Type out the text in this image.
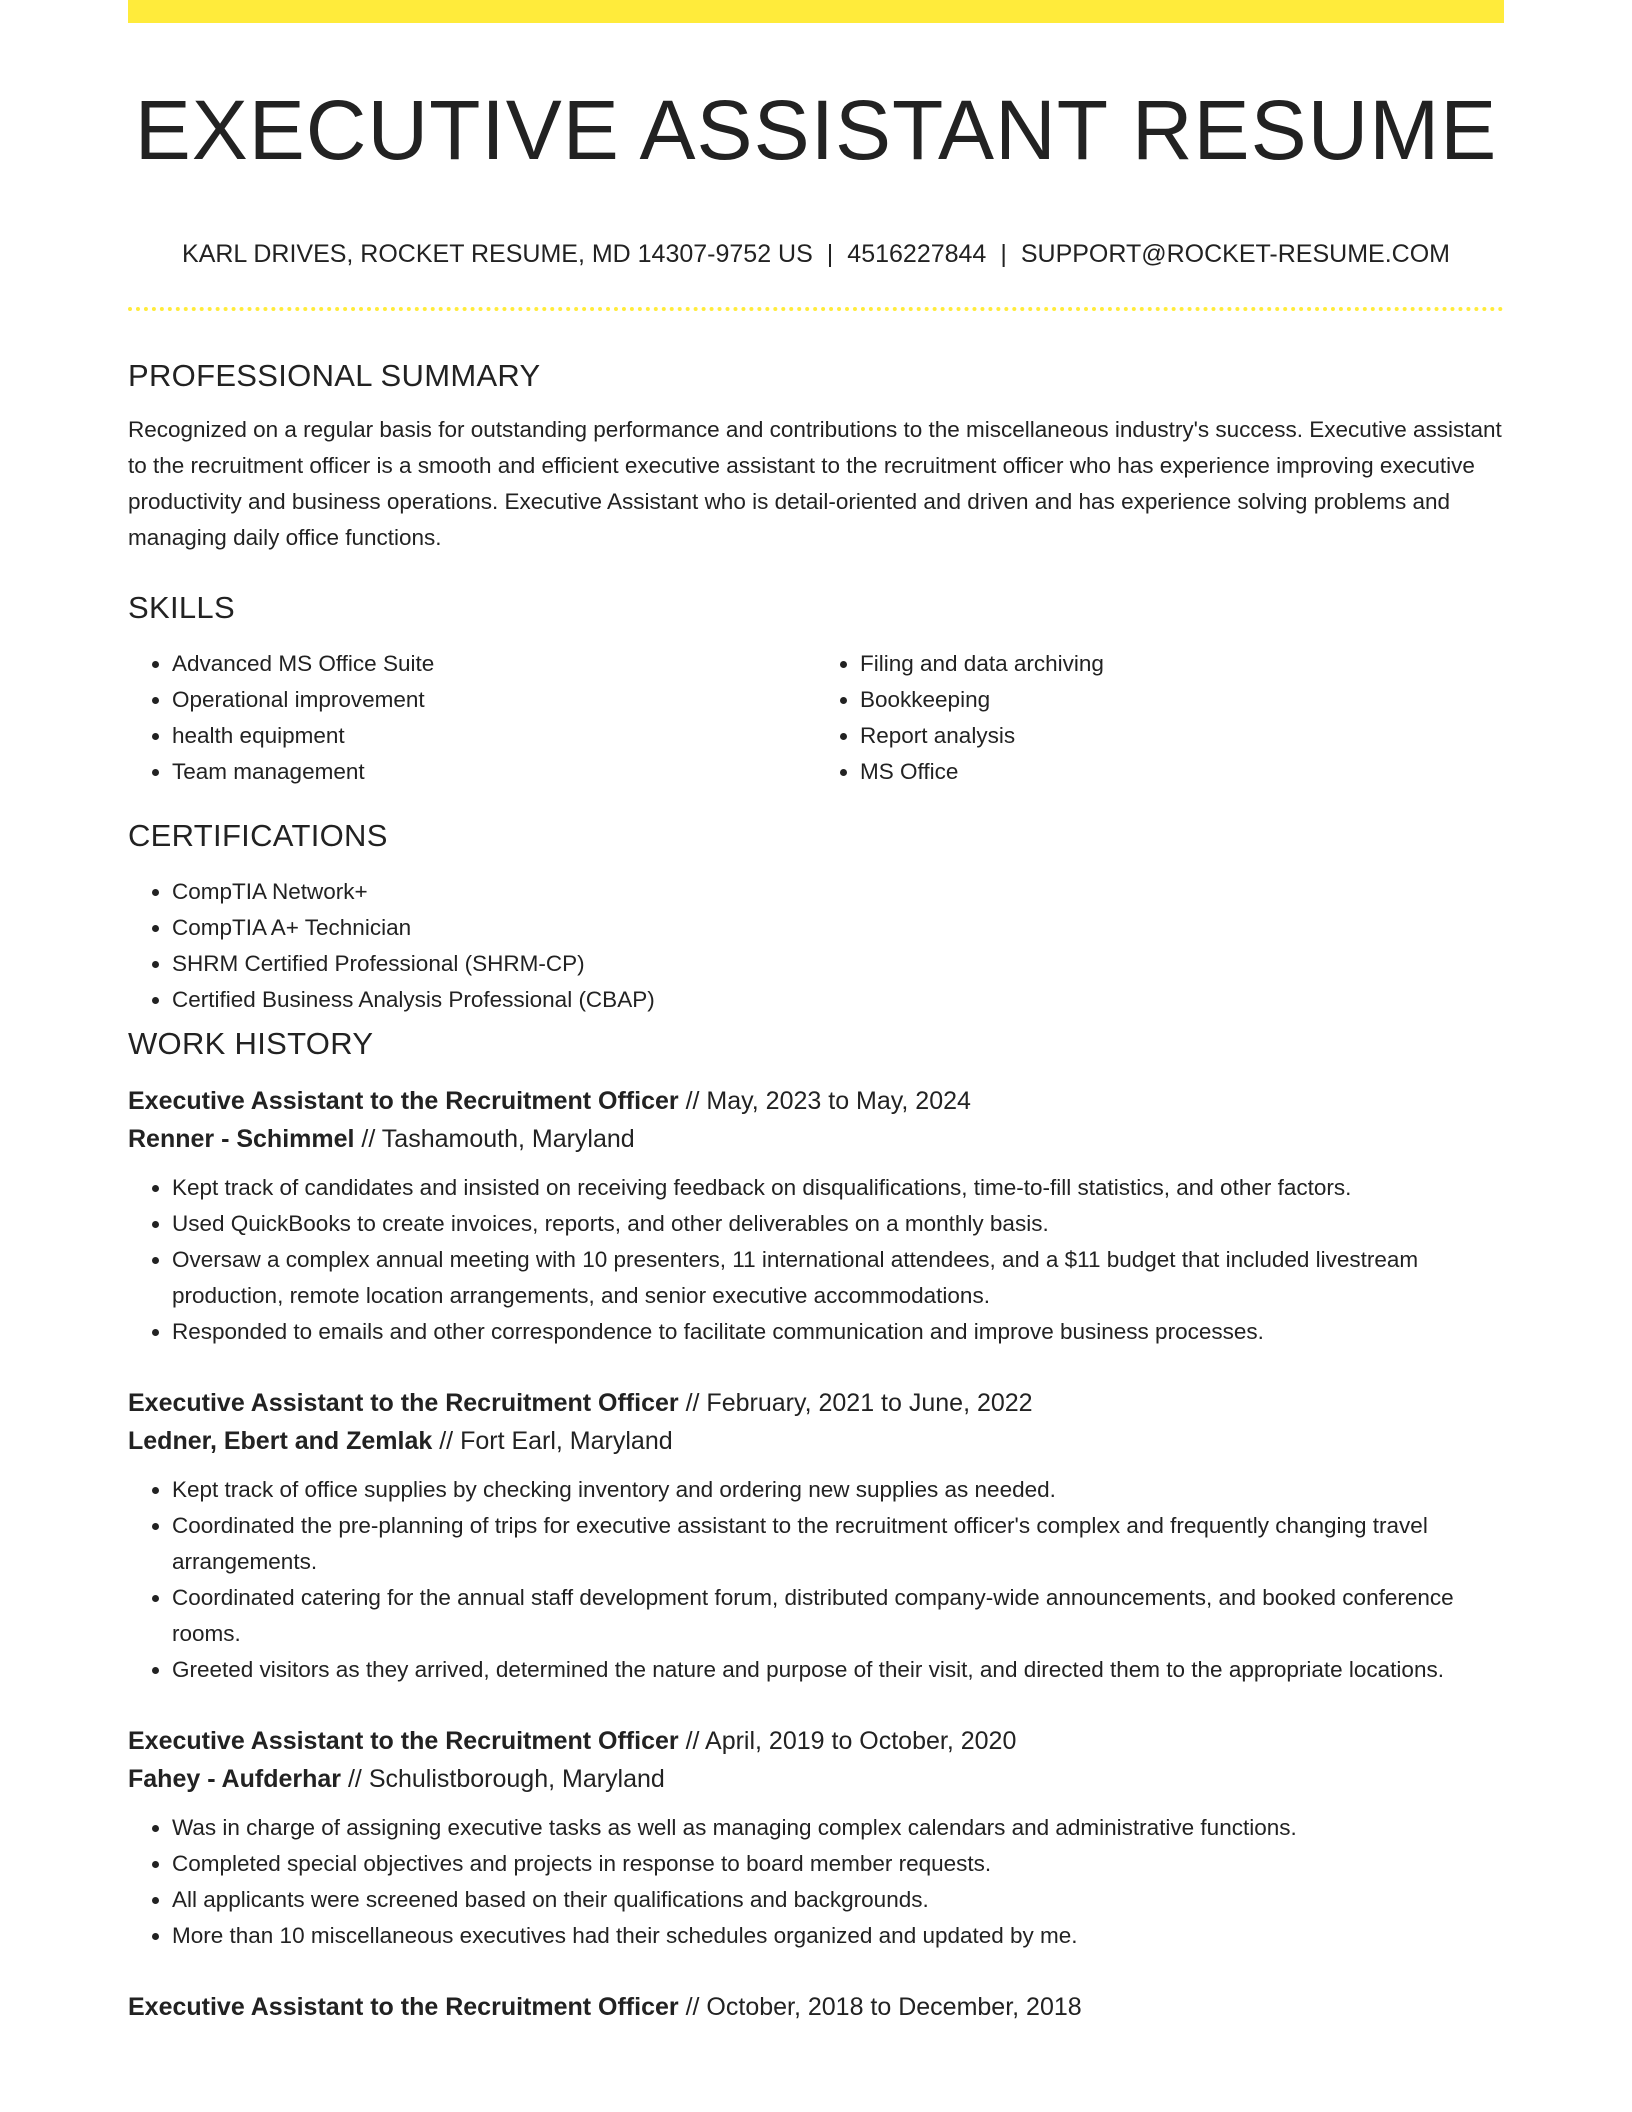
EXECUTIVE ASSISTANT RESUME
KARL DRIVES, ROCKET RESUME, MD 14307-9752 US | 4516227844 | SUPPORT@ROCKET-RESUME.COM
PROFESSIONAL SUMMARY

Recognized on a regular basis for outstanding performance and contributions to the miscellaneous industry's success. Executive assistant to the recruitment officer is a smooth and efficient executive assistant to the recruitment officer who has experience improving executive productivity and business operations. Executive Assistant who is detail-oriented and driven and has experience solving problems and managing daily office functions.

SKILLS
• Advanced MS Office Suite
• Operational improvement
• health equipment
• Team management
• Filing and data archiving
• Bookkeeping
• Report analysis
• MS Office
CERTIFICATIONS
• CompTIA Network+
• CompTIA A+ Technician
• SHRM Certified Professional (SHRM-CP)
• Certified Business Analysis Professional (CBAP)
WORK HISTORY
Executive Assistant to the Recruitment Officer // May, 2023 to May, 2024
Renner - Schimmel // Tashamouth, Maryland
• Kept track of candidates and insisted on receiving feedback on disqualifications, time-to-fill statistics, and other factors.
• Used QuickBooks to create invoices, reports, and other deliverables on a monthly basis.
• Oversaw a complex annual meeting with 10 presenters, 11 international attendees, and a $11 budget that included livestream production, remote location arrangements, and senior executive accommodations.
• Responded to emails and other correspondence to facilitate communication and improve business processes.
Executive Assistant to the Recruitment Officer // February, 2021 to June, 2022
Ledner, Ebert and Zemlak // Fort Earl, Maryland
• Kept track of office supplies by checking inventory and ordering new supplies as needed.
• Coordinated the pre-planning of trips for executive assistant to the recruitment officer's complex and frequently changing travel arrangements.
• Coordinated catering for the annual staff development forum, distributed company-wide announcements, and booked conference rooms.
• Greeted visitors as they arrived, determined the nature and purpose of their visit, and directed them to the appropriate locations.
Executive Assistant to the Recruitment Officer // April, 2019 to October, 2020
Fahey - Aufderhar // Schulistborough, Maryland
• Was in charge of assigning executive tasks as well as managing complex calendars and administrative functions.
• Completed special objectives and projects in response to board member requests.
• All applicants were screened based on their qualifications and backgrounds.
• More than 10 miscellaneous executives had their schedules organized and updated by me.
Executive Assistant to the Recruitment Officer // October, 2018 to December, 2018
